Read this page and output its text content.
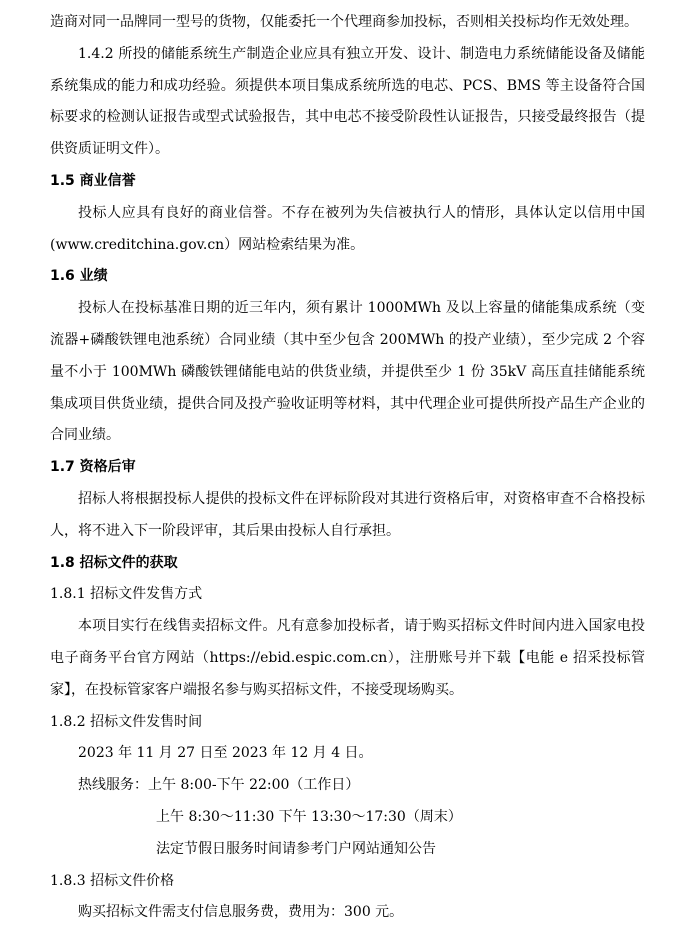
造商对同一品牌同一型号的货物，仅能委托一个代理商参加投标，否则相关投标均作无效处理。

1.4.2 所投的储能系统生产制造企业应具有独立开发、设计、制造电力系统储能设备及储能系统集成的能力和成功经验。须提供本项目集成系统所选的电芯、PCS、BMS 等主设备符合国标要求的检测认证报告或型式试验报告，其中电芯不接受阶段性认证报告，只接受最终报告（提供资质证明文件）。

1.5 商业信誉

投标人应具有良好的商业信誉。不存在被列为失信被执行人的情形，具体认定以信用中国(www.creditchina.gov.cn）网站检索结果为准。

1.6 业绩

投标人在投标基准日期的近三年内，须有累计 1000MWh 及以上容量的储能集成系统（变流器+磷酸铁锂电池系统）合同业绩（其中至少包含 200MWh 的投产业绩），至少完成 2 个容量不小于 100MWh 磷酸铁锂储能电站的供货业绩，并提供至少 1 份 35kV 高压直挂储能系统集成项目供货业绩，提供合同及投产验收证明等材料，其中代理企业可提供所投产品生产企业的合同业绩。

1.7 资格后审

招标人将根据投标人提供的投标文件在评标阶段对其进行资格后审，对资格审查不合格投标人，将不进入下一阶段评审，其后果由投标人自行承担。

1.8 招标文件的获取

1.8.1 招标文件发售方式

本项目实行在线售卖招标文件。凡有意参加投标者，请于购买招标文件时间内进入国家电投电子商务平台官方网站（https://ebid.espic.com.cn），注册账号并下载【电能 e 招采投标管家】，在投标管家客户端报名参与购买招标文件，不接受现场购买。

1.8.2 招标文件发售时间

2023 年 11 月 27 日至 2023 年 12 月 4 日。

热线服务：上午 8:00-下午 22:00（工作日）

上午 8:30～11:30 下午 13:30～17:30（周末）

法定节假日服务时间请参考门户网站通知公告

1.8.3 招标文件价格

购买招标文件需支付信息服务费，费用为：300 元。
